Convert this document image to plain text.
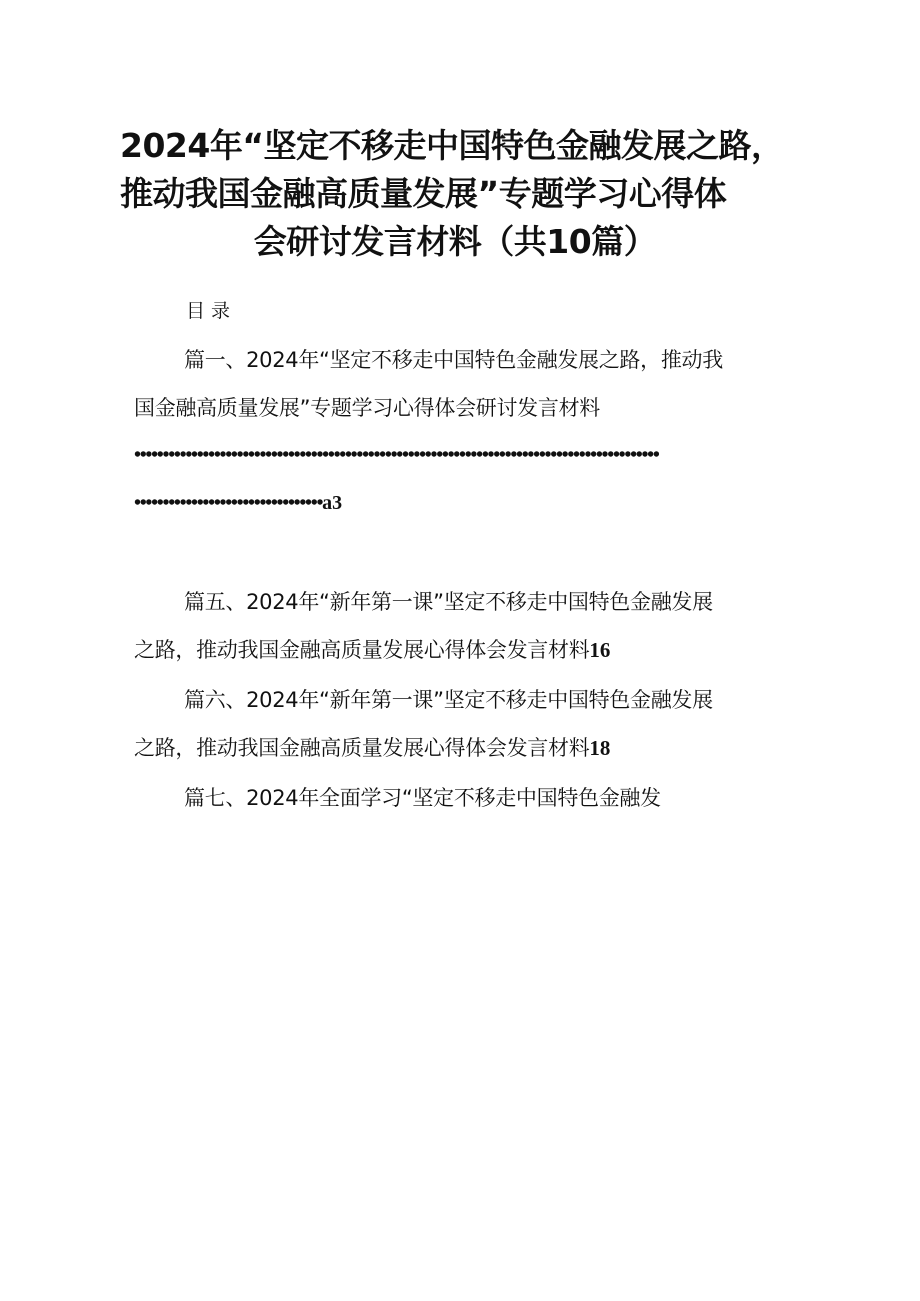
2024年“坚定不移走中国特色金融发展之路，
推动我国金融高质量发展”专题学习心得体
会研讨发言材料（共10篇）
目录
篇一、2024年“坚定不移走中国特色金融发展之路，推动我
国金融高质量发展”专题学习心得体会研讨发言材料
••••••••••••••••••••••••••••••••••••••••••••••••••••••••••••••••••••••••••••••••••••••••••••
•••••••••••••••••••••••••••••••••a3
篇五、2024年“新年第一课”坚定不移走中国特色金融发展
之路，推动我国金融高质量发展心得体会发言材料16
篇六、2024年“新年第一课”坚定不移走中国特色金融发展
之路，推动我国金融高质量发展心得体会发言材料18
篇七、2024年全面学习“坚定不移走中国特色金融发
